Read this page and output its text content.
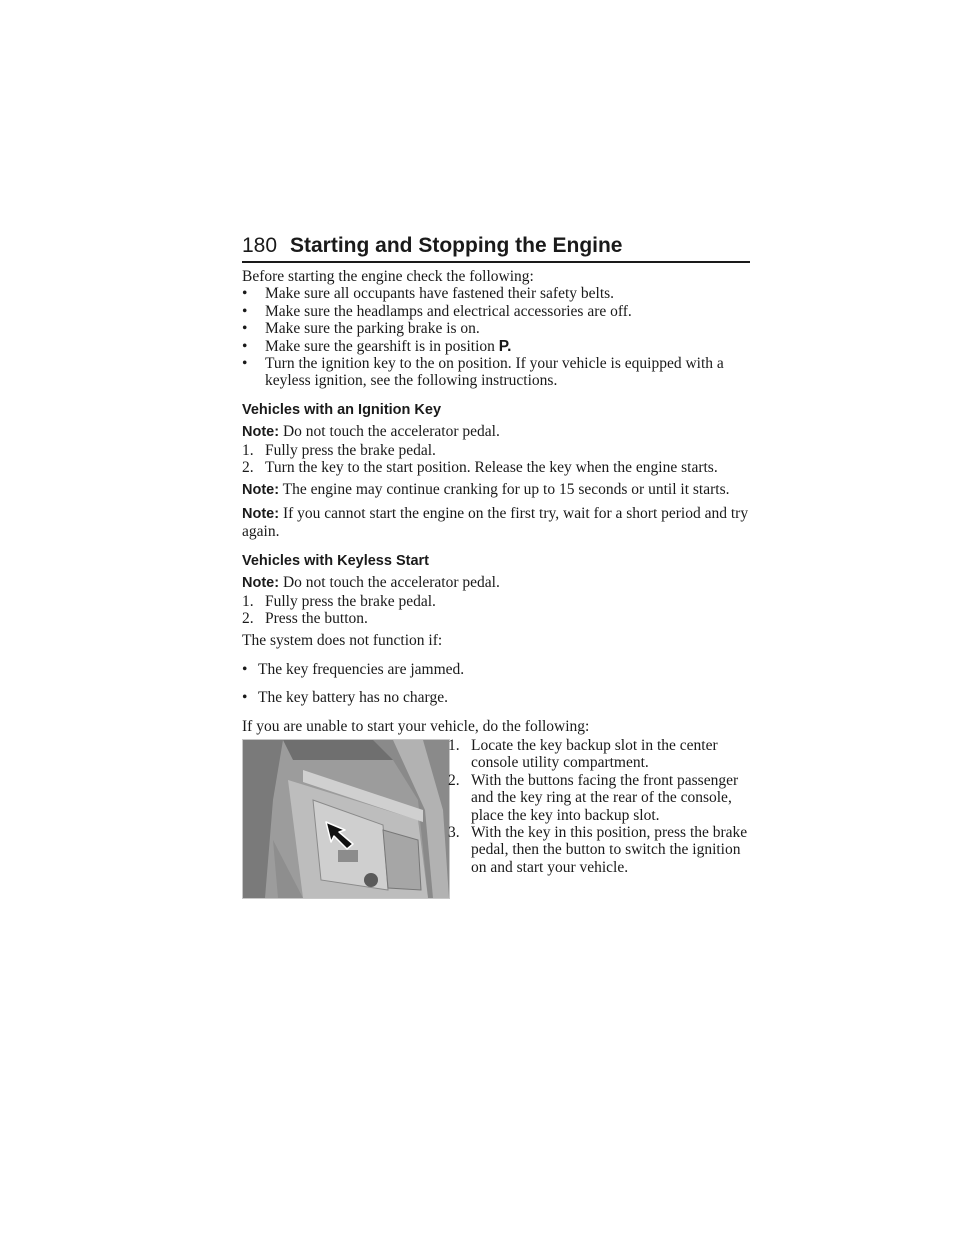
180 Starting and Stopping the Engine

Before starting the engine check the following:

• Make sure all occupants have fastened their safety belts.
• Make sure the headlamps and electrical accessories are off.
• Make sure the parking brake is on.
• Make sure the gearshift is in position P.
• Turn the ignition key to the on position. If your vehicle is equipped with a keyless ignition, see the following instructions.
Vehicles with an Ignition Key

Note: Do not touch the accelerator pedal.

1. Fully press the brake pedal.
2. Turn the key to the start position. Release the key when the engine starts.

Note: The engine may continue cranking for up to 15 seconds or until it starts.

Note: If you cannot start the engine on the first try, wait for a short period and try again.

Vehicles with Keyless Start

Note: Do not touch the accelerator pedal.

1. Fully press the brake pedal.
2. Press the button.

The system does not function if:

• The key frequencies are jammed.
• The key battery has no charge.

If you are unable to start your vehicle, do the following:

1. Locate the key backup slot in the center console utility compartment.
2. With the buttons facing the front passenger and the key ring at the rear of the console, place the key into backup slot.
3. With the key in this position, press the brake pedal, then the button to switch the ignition on and start your vehicle.
